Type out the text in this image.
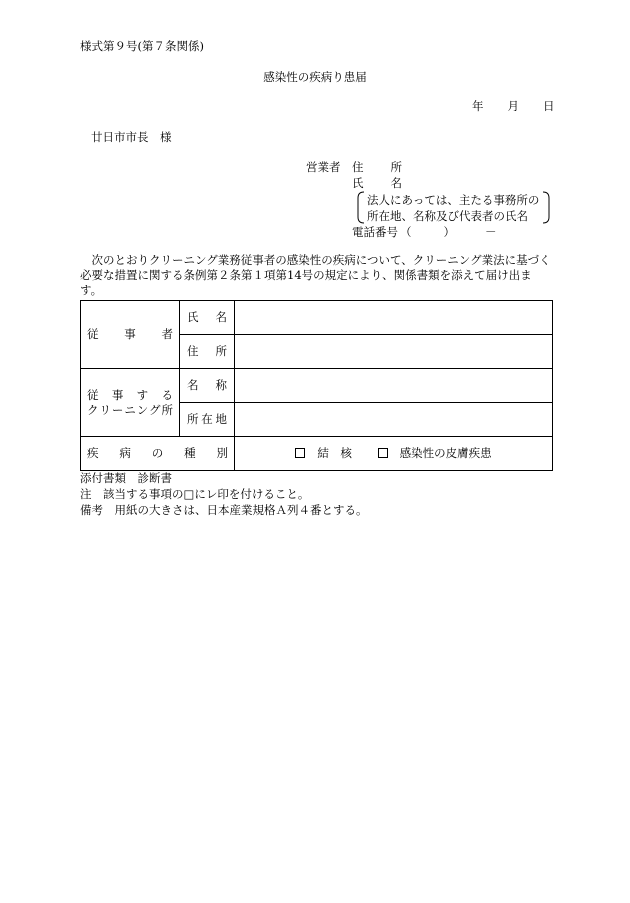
様式第９号(第７条関係)
感染性の疾病り患届
年 月 日
廿日市市長　様
営業者 住所
氏名
法人にあっては、主たる事務所の
所在地、名称及び代表者の氏名
電話番号 （	）	－
次のとおりクリーニング業務従事者の感染性の疾病について、クリーニング業法に基づく必要な措置に関する条例第２条第１項第14号の規定により、関係書類を添えて届け出ます。
従事者	氏名	
	住所	

従事する
クリーニング所	名称	
	所在地	

疾病の種別		結　核 感染性の皮膚疾患
添付書類　診断書
注　該当する事項の□にレ印を付けること。
備考　用紙の大きさは、日本産業規格Ａ列４番とする。
